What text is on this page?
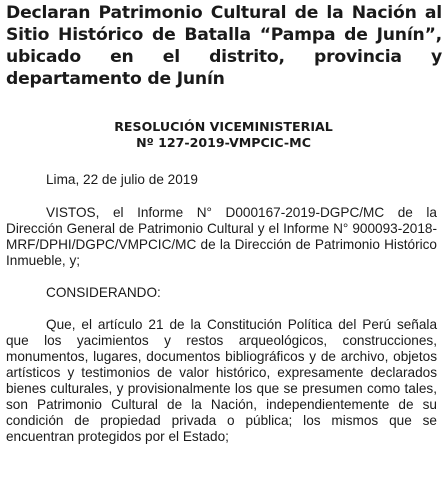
Declaran Patrimonio Cultural de la Nación al Sitio Histórico de Batalla “Pampa de Junín”, ubicado en el distrito, provincia y departamento de Junín

RESOLUCIÓN VICEMINISTERIAL

Nº 127-2019-VMPCIC-MC

Lima, 22 de julio de 2019

VISTOS, el Informe N° D000167-2019-DGPC/MC de la Dirección General de Patrimonio Cultural y el Informe N° 900093-2018-MRF/DPHI/DGPC/VMPCIC/MC de la Dirección de Patrimonio Histórico Inmueble, y;

CONSIDERANDO:

Que, el artículo 21 de la Constitución Política del Perú señala que los yacimientos y restos arqueológicos, construcciones, monumentos, lugares, documentos bibliográficos y de archivo, objetos artísticos y testimonios de valor histórico, expresamente declarados bienes culturales, y provisionalmente los que se presumen como tales, son Patrimonio Cultural de la Nación, independientemente de su condición de propiedad privada o pública; los mismos que se encuentran protegidos por el Estado;
